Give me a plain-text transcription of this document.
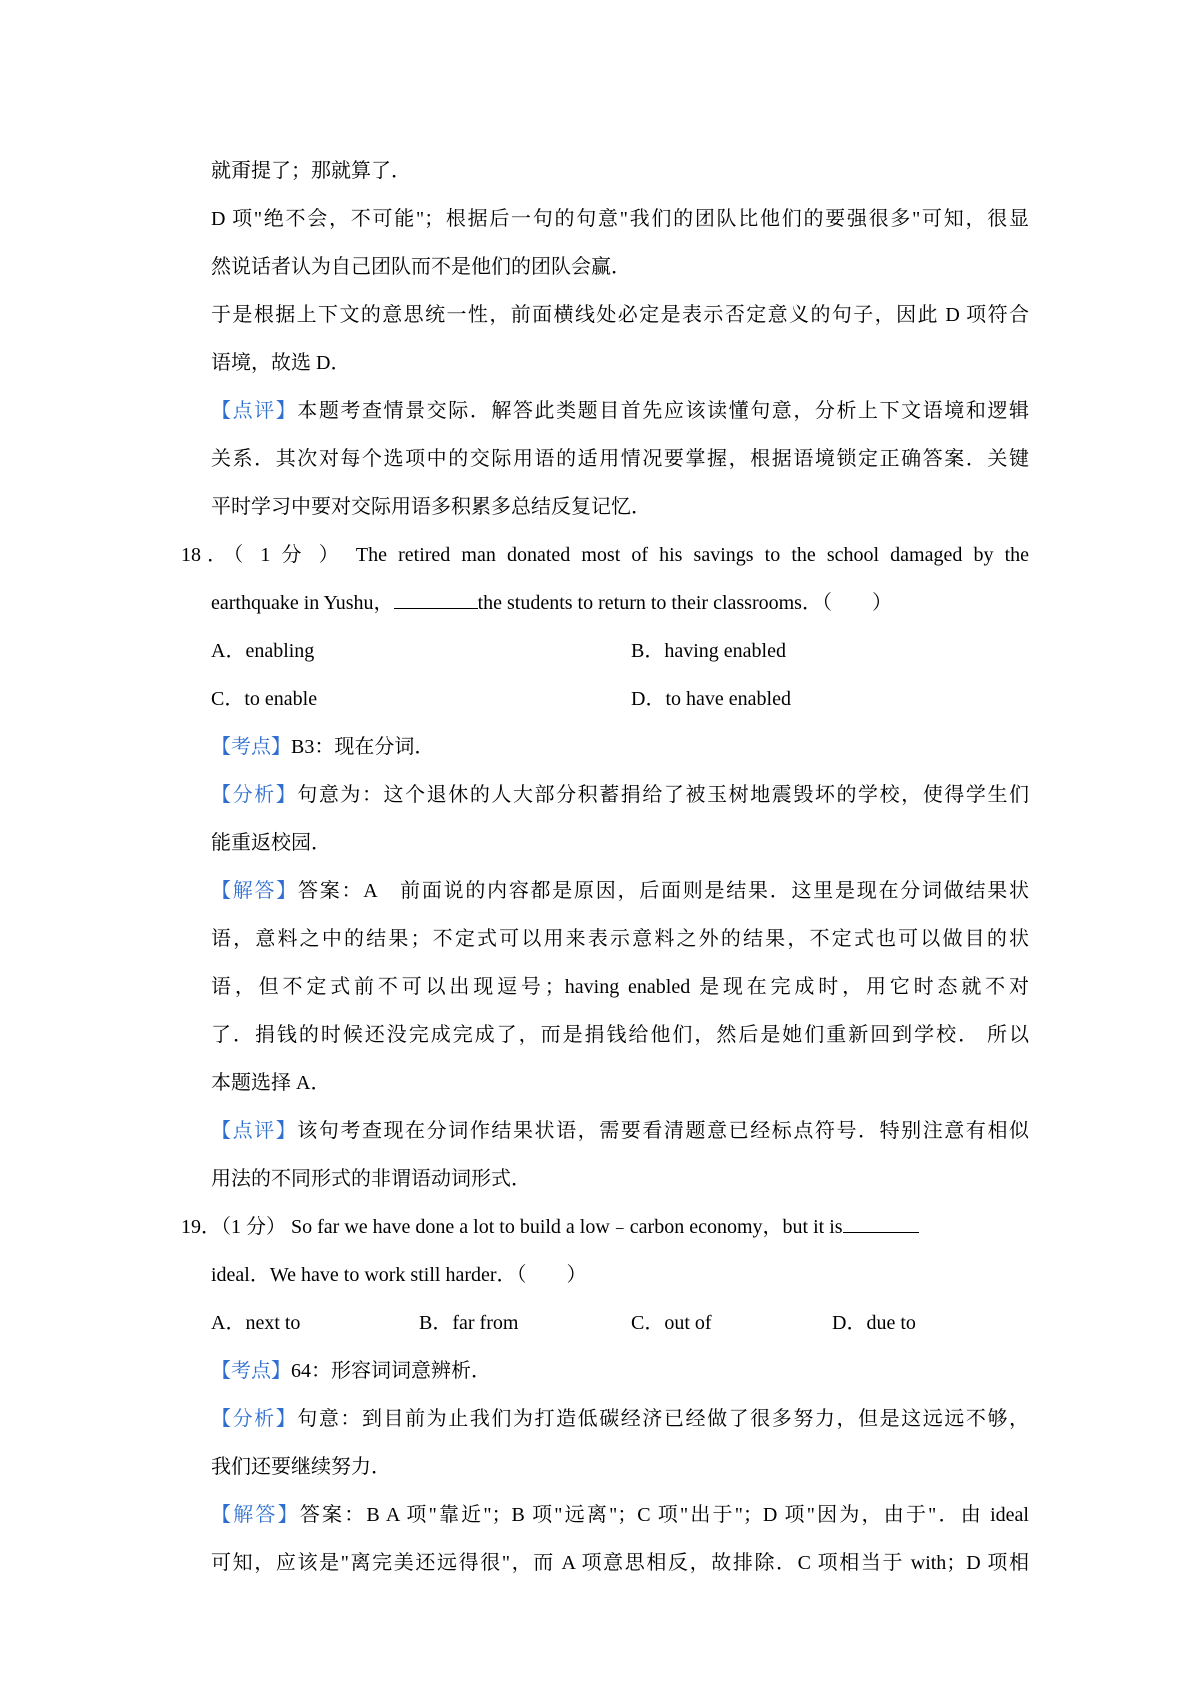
就甭提了；那就算了．
D 项"绝不会，不可能"；根据后一句的句意"我们的团队比他们的要强很多"可知，很显
然说话者认为自己团队而不是他们的团队会赢．
于是根据上下文的意思统一性，前面横线处必定是表示否定意义的句子，因此 D 项符合
语境，故选 D．
【点评】本题考查情景交际．解答此类题目首先应该读懂句意，分析上下文语境和逻辑
关系．其次对每个选项中的交际用语的适用情况要掌握，根据语境锁定正确答案．关键
平时学习中要对交际用语多积累多总结反复记忆．
18．（ 1 分 ） The retired man donated most of his savings to the school damaged by the
earthquake in Yushu，	the students to return to their classrooms．（　　）
A．enabling	B．having enabled
C．to enable	D．to have enabled
【考点】B3：现在分词．
【分析】句意为：这个退休的人大部分积蓄捐给了被玉树地震毁坏的学校，使得学生们
能重返校园．
【解答】答案：A　前面说的内容都是原因，后面则是结果．这里是现在分词做结果状
语，意料之中的结果；不定式可以用来表示意料之外的结果，不定式也可以做目的状
语，但不定式前不可以出现逗号；having enabled 是现在完成时，用它时态就不对
了．捐钱的时候还没完成完成了，而是捐钱给他们，然后是她们重新回到学校． 所以
本题选择 A．
【点评】该句考查现在分词作结果状语，需要看清题意已经标点符号．特别注意有相似
用法的不同形式的非谓语动词形式．
19．（1 分） So far we have done a lot to build a low﹣carbon economy，but it is
ideal．We have to work still harder．（　　）
A．next to	B．far from	C．out of	D．due to
【考点】64：形容词词意辨析．
【分析】句意：到目前为止我们为打造低碳经济已经做了很多努力，但是这远远不够，
我们还要继续努力．
【解答】答案：B A 项"靠近"；B 项"远离"；C 项"出于"；D 项"因为，由于"．由 ideal
可知，应该是"离完美还远得很"，而 A 项意思相反，故排除．C 项相当于 with；D 项相
